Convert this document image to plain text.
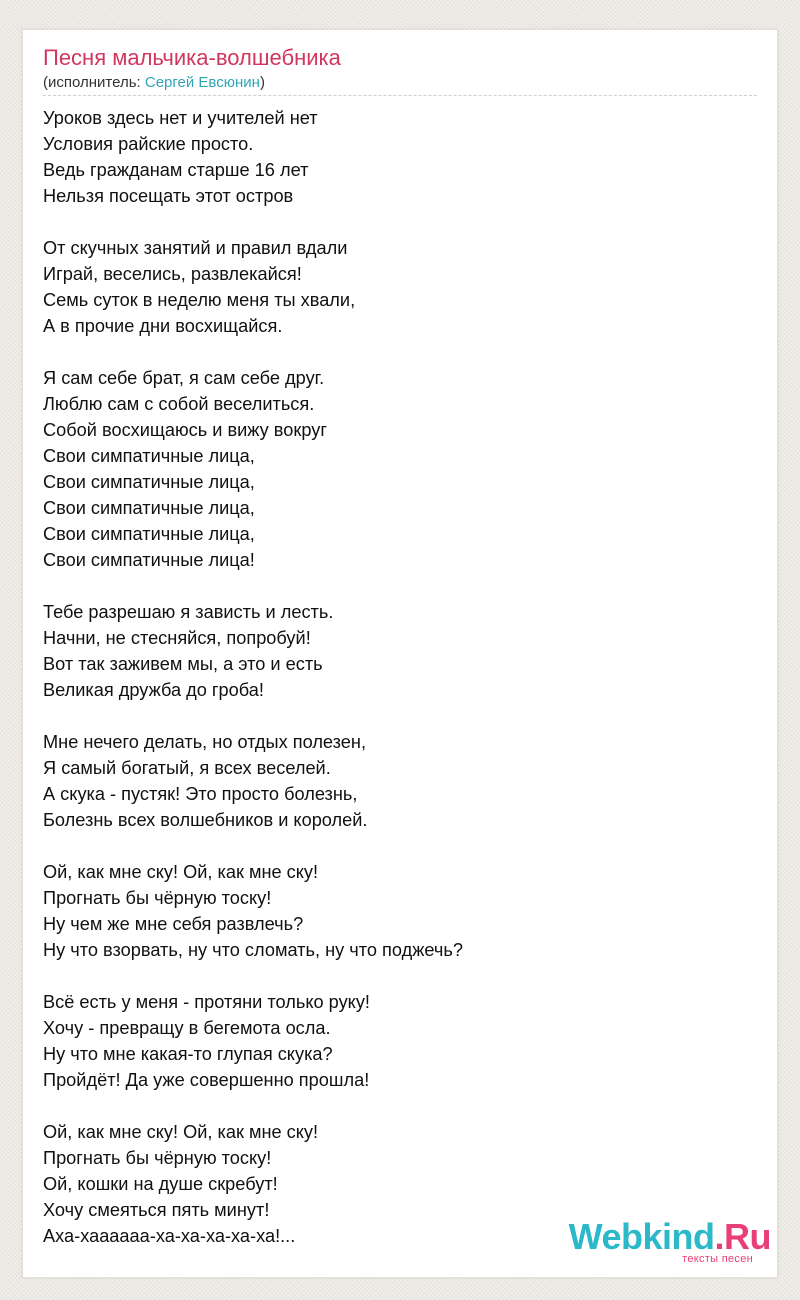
Песня мальчика-волшебника
(исполнитель: Сергей Евсюнин)
Уроков здесь нет и учителей нет
Условия райские просто.
Ведь гражданам старше 16 лет
Нельзя посещать этот остров
От скучных занятий и правил вдали
Играй, веселись, развлекайся!
Семь суток в неделю меня ты хвали,
А в прочие дни восхищайся.
Я сам себе брат, я сам себе друг.
Люблю сам с собой веселиться.
Собой восхищаюсь и вижу вокруг
Свои симпатичные лица,
Свои симпатичные лица,
Свои симпатичные лица,
Свои симпатичные лица,
Свои симпатичные лица!
Тебе разрешаю я зависть и лесть.
Начни, не стесняйся, попробуй!
Вот так заживем мы, а это и есть
Великая дружба до гроба!
Мне нечего делать, но отдых полезен,
Я самый богатый, я всех веселей.
А скука - пустяк! Это просто болезнь,
Болезнь всех волшебников и королей.
Ой, как мне ску! Ой, как мне ску!
Прогнать бы чёрную тоску!
Ну чем же мне себя развлечь?
Ну что взорвать, ну что сломать, ну что поджечь?
Всё есть у меня - протяни только руку!
Хочу - превращу в бегемота осла.
Ну что мне какая-то глупая скука?
Пройдёт! Да уже совершенно прошла!
Ой, как мне ску! Ой, как мне ску!
Прогнать бы чёрную тоску!
Ой, кошки на душе скребут!
Хочу смеяться пять минут!
Аха-хаааааа-ха-ха-ха-ха-ха!...	Webkind.Ru
тексты песен
